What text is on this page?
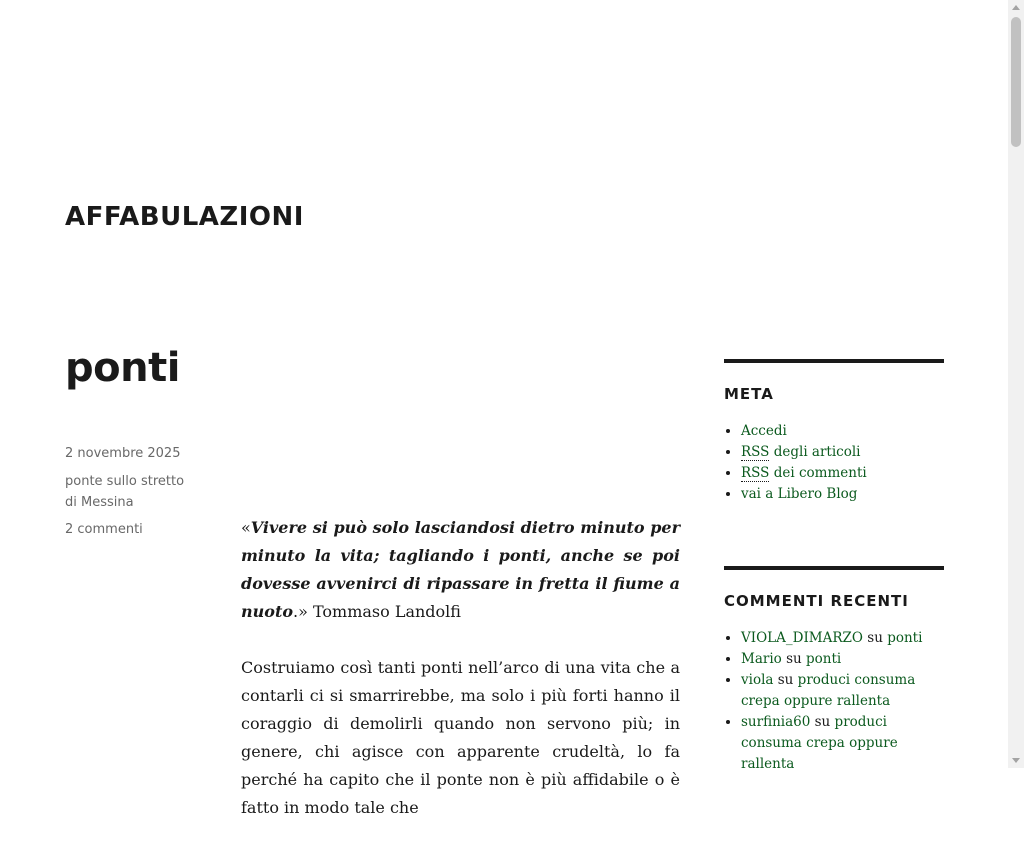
AFFABULAZIONI
ponti
2 novembre 2025
ponte sullo stretto di Messina
2 commenti	«Vivere si può solo lasciandosi dietro minuto per minuto la vita; tagliando i ponti, anche se poi dovesse avvenirci di ripassare in fretta il fiume a nuoto.» Tommaso Landolfi

Costruiamo così tanti ponti nell’arco di una vita che a contarli ci si smarrirebbe, ma solo i più forti hanno il coraggio di demolirli quando non servono più; in genere, chi agisce con apparente crudeltà, lo fa perché ha capito che il ponte non è più affidabile o è fatto in modo tale che

META
• Accedi
• RSS degli articoli
• RSS dei commenti
• vai a Libero Blog
COMMENTI RECENTI
• VIOLA_DIMARZO su ponti
• Mario su ponti
• viola su produci consuma crepa oppure rallenta
• surfinia60 su produci consuma crepa oppure rallenta
